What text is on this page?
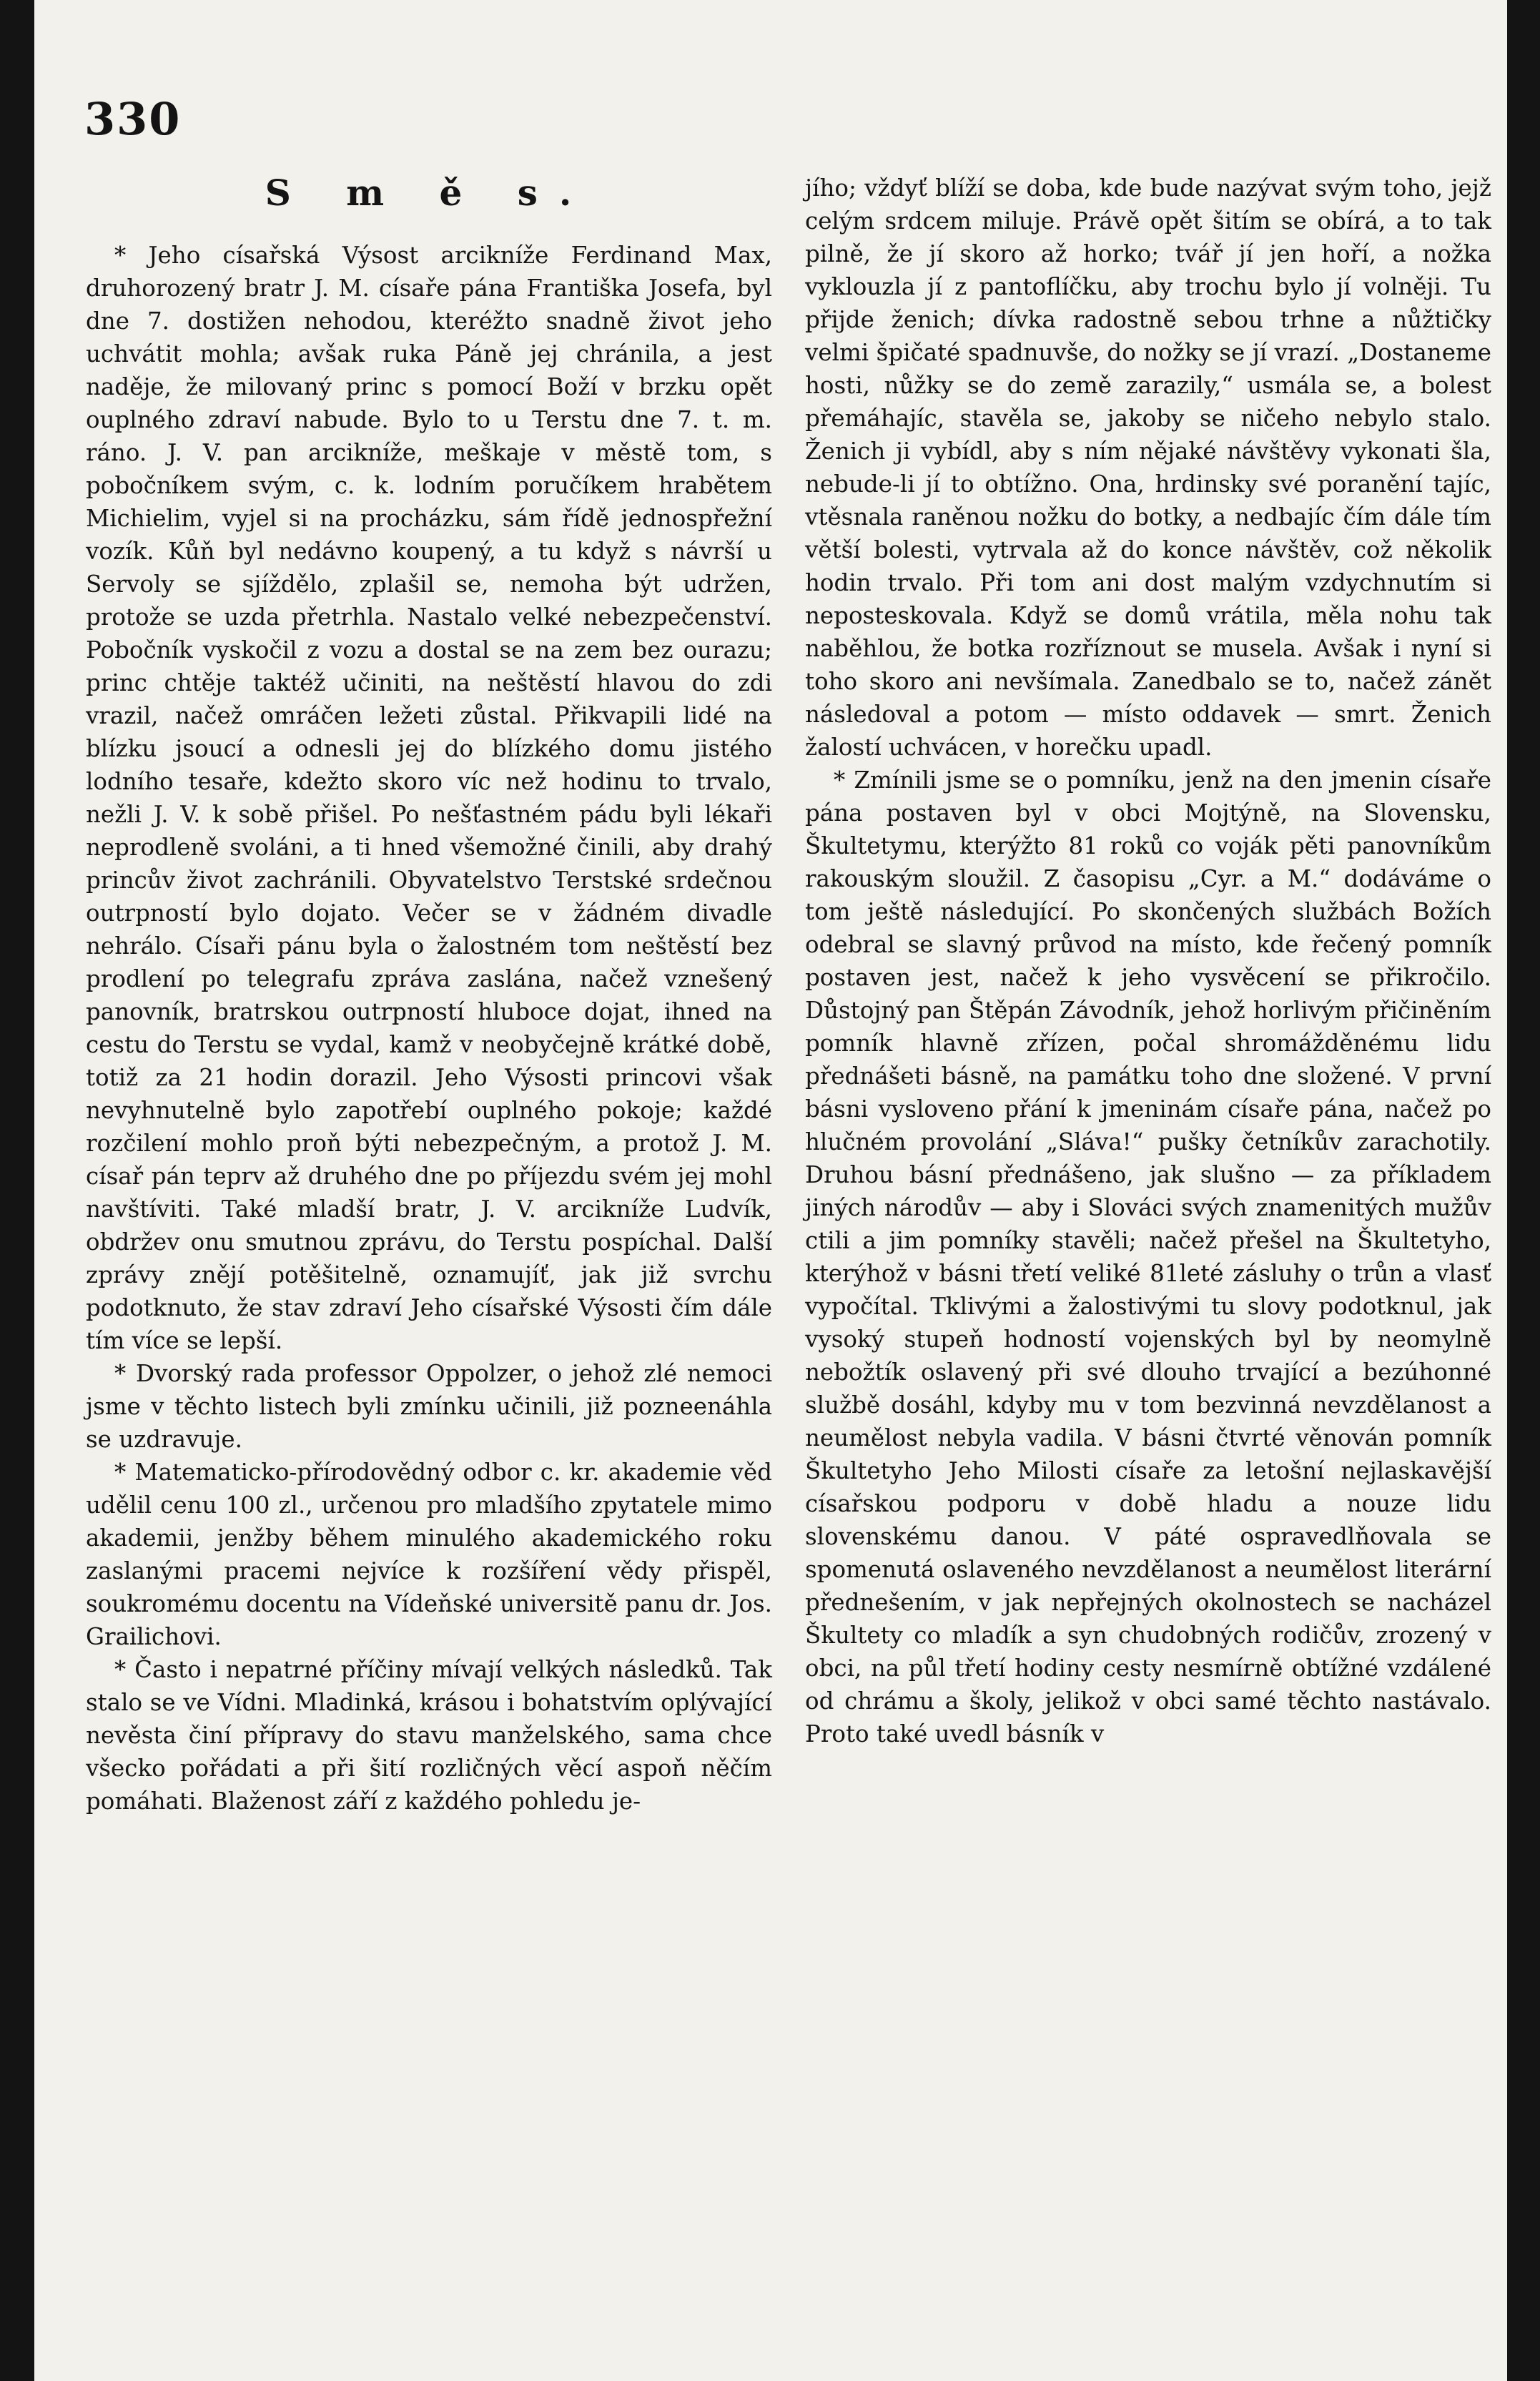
330
S m ě s.

* Jeho císařská Výsost arcikníže Ferdinand Max, druhorozený bratr J. M. císaře pána Františka Josefa, byl dne 7. dostižen nehodou, kteréžto snadně život jeho uchvátit mohla; avšak ruka Páně jej chránila, a jest naděje, že milovaný princ s pomocí Boží v brzku opět ouplného zdraví nabude. Bylo to u Terstu dne 7. t. m. ráno. J. V. pan arcikníže, meškaje v městě tom, s pobočníkem svým, c. k. lodním poručíkem hrabětem Michielim, vyjel si na procházku, sám řídě jednospřežní vozík. Kůň byl nedávno koupený, a tu když s návrší u Servoly se sjíždělo, zplašil se, nemoha být udržen, protože se uzda přetrhla. Nastalo velké nebezpečenství. Pobočník vyskočil z vozu a dostal se na zem bez ourazu; princ chtěje taktéž učiniti, na neštěstí hlavou do zdi vrazil, načež omráčen ležeti zůstal. Přikvapili lidé na blízku jsoucí a odnesli jej do blízkého domu jistého lodního tesaře, kdežto skoro víc než hodinu to trvalo, nežli J. V. k sobě přišel. Po nešťastném pádu byli lékaři neprodleně svoláni, a ti hned všemožné činili, aby drahý princův život zachránili. Obyvatelstvo Terstské srdečnou outrpností bylo dojato. Večer se v žádném divadle nehrálo. Císaři pánu byla o žalostném tom neštěstí bez prodlení po telegrafu zpráva zaslána, načež vznešený panovník, bratrskou outrpností hluboce dojat, ihned na cestu do Terstu se vydal, kamž v neobyčejně krátké době, totiž za 21 hodin dorazil. Jeho Výsosti princovi však nevyhnutelně bylo zapotřebí ouplného pokoje; každé rozčilení mohlo proň býti nebezpečným, a protož J. M. císař pán teprv až druhého dne po příjezdu svém jej mohl navštíviti. Také mladší bratr, J. V. arcikníže Ludvík, obdržev onu smutnou zprávu, do Terstu pospíchal. Další zprávy znějí potěšitelně, oznamujíť, jak již svrchu podotknuto, že stav zdraví Jeho císařské Výsosti čím dále tím více se lepší.

* Dvorský rada professor Oppolzer, o jehož zlé nemoci jsme v těchto listech byli zmínku učinili, již pozneenáhla se uzdravuje.

* Matematicko-přírodovědný odbor c. kr. akademie věd udělil cenu 100 zl., určenou pro mladšího zpytatele mimo akademii, jenžby během minulého akademického roku zaslanými pracemi nejvíce k rozšíření vědy přispěl, soukromému docentu na Vídeňské universitě panu dr. Jos. Grailichovi.

* Často i nepatrné příčiny mívají velkých následků. Tak stalo se ve Vídni. Mladinká, krásou i bohatstvím oplývající nevěsta činí přípravy do stavu manželského, sama chce všecko pořádati a při šití rozličných věcí aspoň něčím pomáhati. Blaženost září z každého pohledu je-

jího; vždyť blíží se doba, kde bude nazývat svým toho, jejž celým srdcem miluje. Právě opět šitím se obírá, a to tak pilně, že jí skoro až horko; tvář jí jen hoří, a nožka vyklouzla jí z pantoflíčku, aby trochu bylo jí volněji. Tu přijde ženich; dívka radostně sebou trhne a nůžtičky velmi špičaté spadnuvše, do nožky se jí vrazí. „Dostaneme hosti, nůžky se do země zarazily,“ usmála se, a bolest přemáhajíc, stavěla se, jakoby se ničeho nebylo stalo. Ženich ji vybídl, aby s ním nějaké návštěvy vykonati šla, nebude-li jí to obtížno. Ona, hrdinsky své poranění tajíc, vtěsnala raněnou nožku do botky, a nedbajíc čím dále tím větší bolesti, vytrvala až do konce návštěv, což několik hodin trvalo. Při tom ani dost malým vzdychnutím si neposteskovala. Když se domů vrátila, měla nohu tak naběhlou, že botka rozříznout se musela. Avšak i nyní si toho skoro ani nevšímala. Zanedbalo se to, načež zánět následoval a potom — místo oddavek — smrt. Ženich žalostí uchvácen, v horečku upadl.

* Zmínili jsme se o pomníku, jenž na den jmenin císaře pána postaven byl v obci Mojtýně, na Slovensku, Škultetymu, kterýžto 81 roků co voják pěti panovníkům rakouským sloužil. Z časopisu „Cyr. a M.“ dodáváme o tom ještě následující. Po skončených službách Božích odebral se slavný průvod na místo, kde řečený pomník postaven jest, načež k jeho vysvěcení se přikročilo. Důstojný pan Štěpán Závodník, jehož horlivým přičiněním pomník hlavně zřízen, počal shromážděnému lidu přednášeti básně, na památku toho dne složené. V první básni vysloveno přání k jmeninám císaře pána, načež po hlučném provolání „Sláva!“ pušky četníkův zarachotily. Druhou básní přednášeno, jak slušno — za příkladem jiných národův — aby i Slováci svých znamenitých mužův ctili a jim pomníky stavěli; načež přešel na Škultetyho, kterýhož v básni třetí veliké 81leté zásluhy o trůn a vlasť vypočítal. Tklivými a žalostivými tu slovy podotknul, jak vysoký stupeň hodností vojenských byl by neomylně nebožtík oslavený při své dlouho trvající a bezúhonné službě dosáhl, kdyby mu v tom bezvinná nevzdělanost a neumělost nebyla vadila. V básni čtvrté věnován pomník Škultetyho Jeho Milosti císaře za letošní nejlaskavější císařskou podporu v době hladu a nouze lidu slovenskému danou. V páté ospravedlňovala se spomenutá oslaveného nevzdělanost a neumělost literární přednešením, v jak nepřejných okolnostech se nacházel Škultety co mladík a syn chudobných rodičův, zrozený v obci, na půl třetí hodiny cesty nesmírně obtížné vzdálené od chrámu a školy, jelikož v obci samé těchto nastávalo. Proto také uvedl básník v
